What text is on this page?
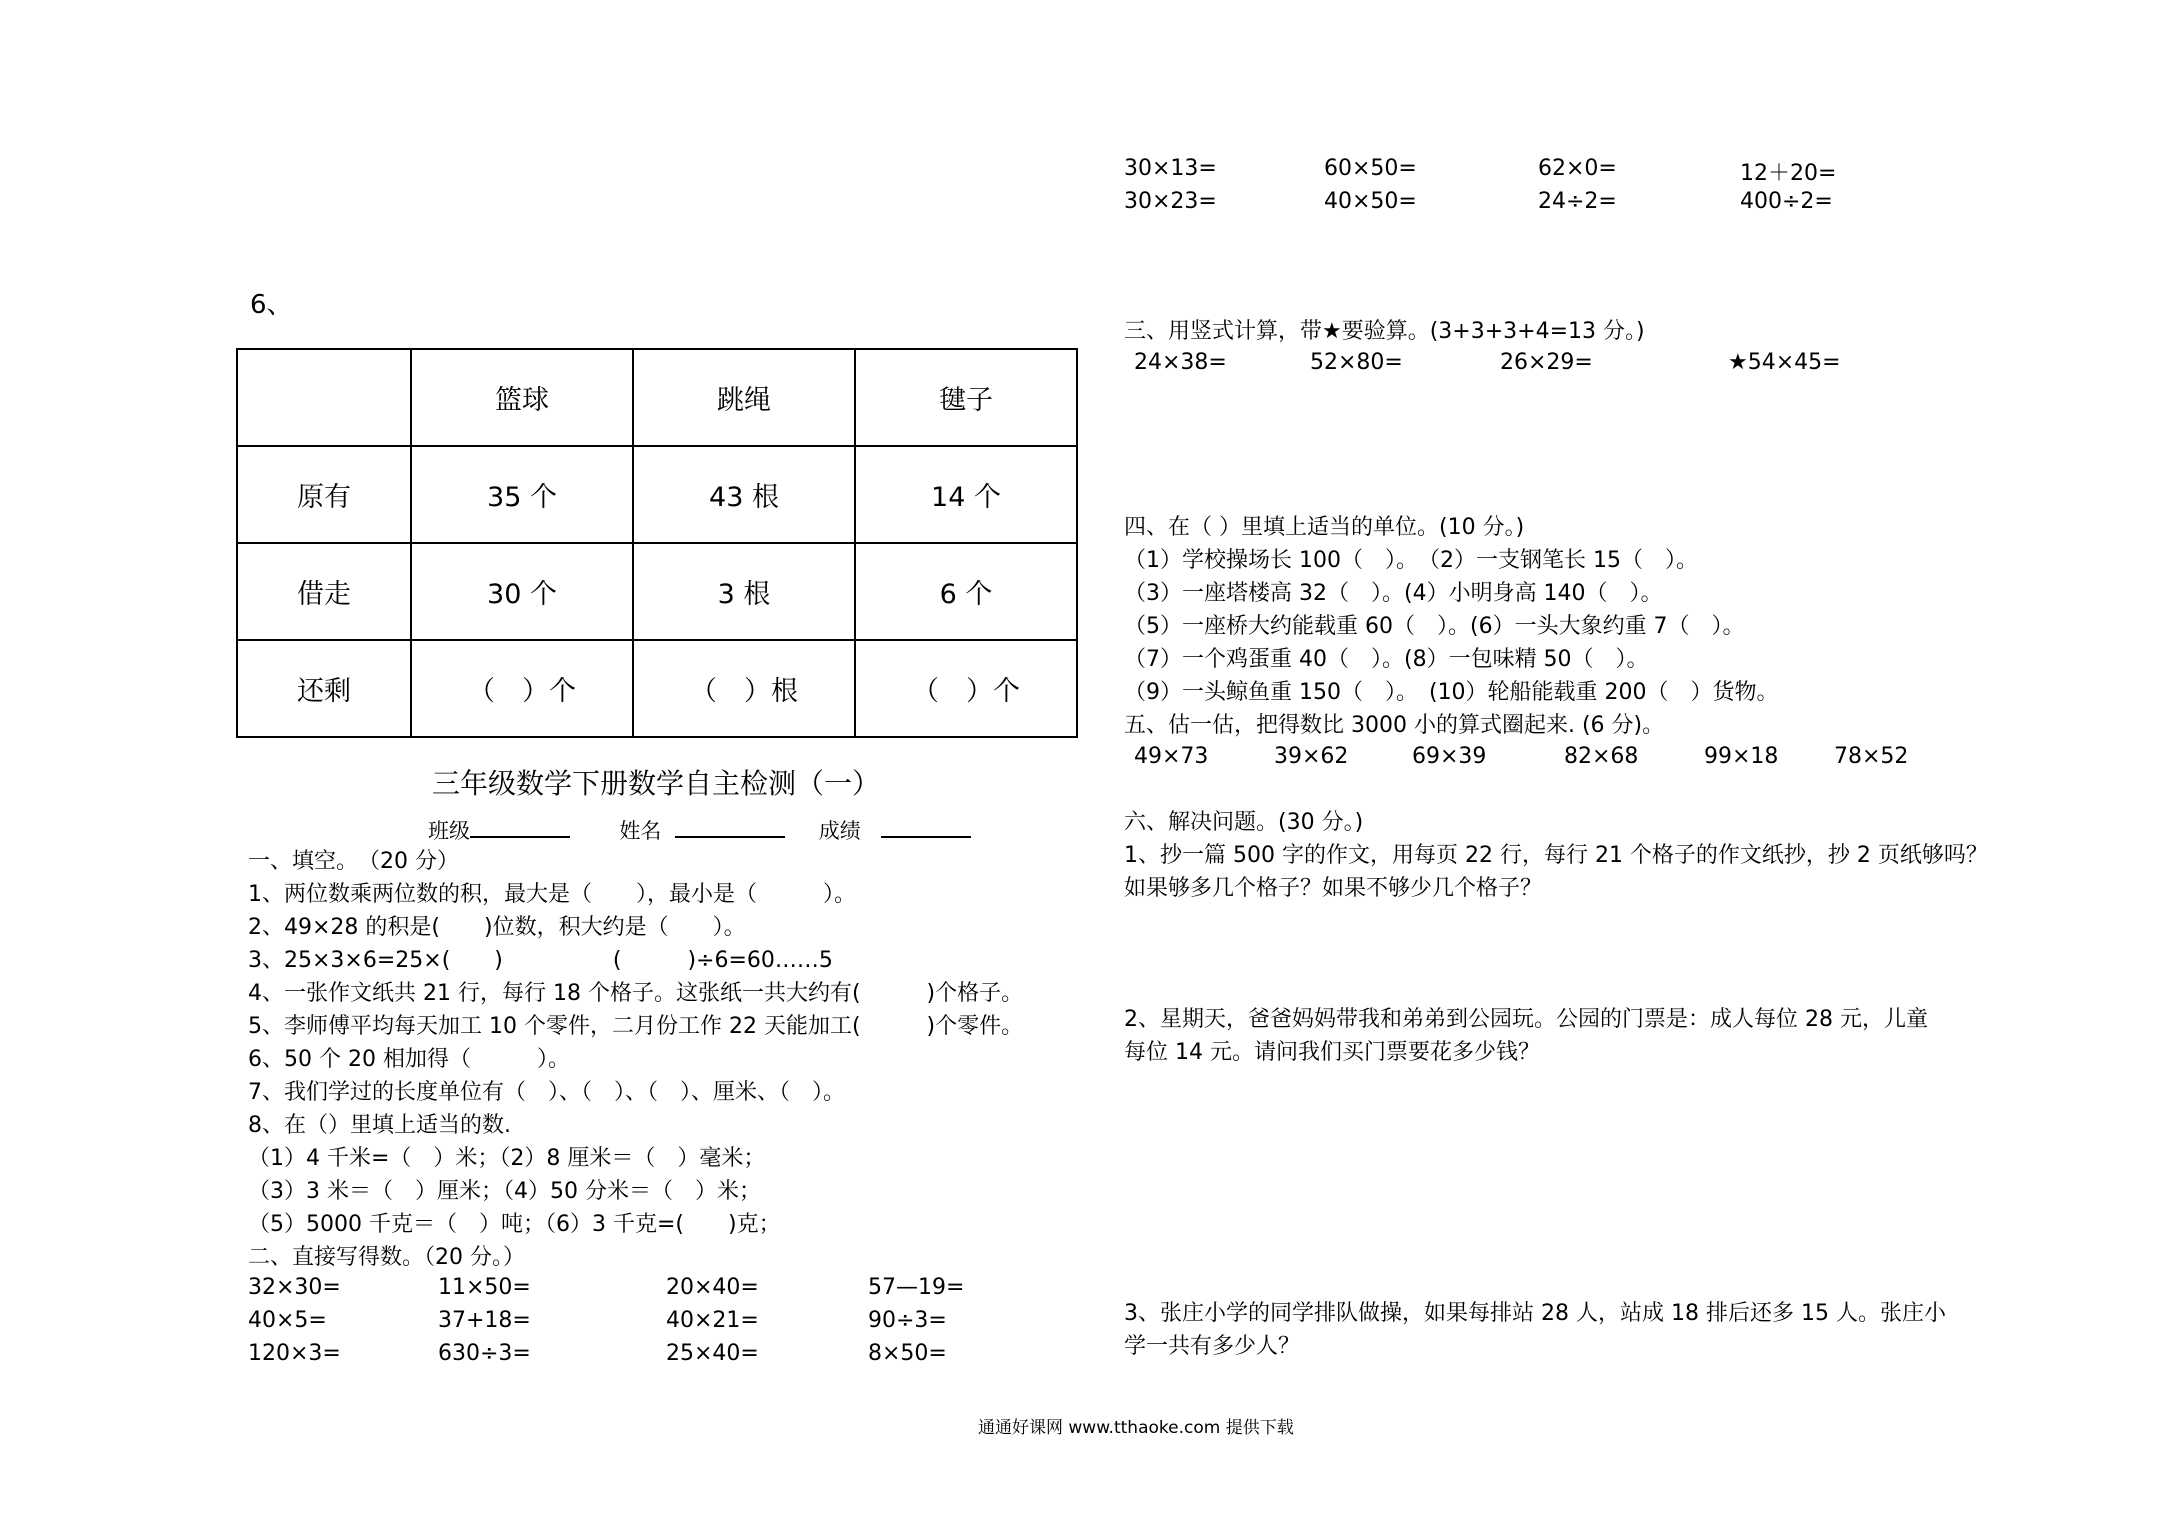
6、
	篮球	跳绳	毽子
原有	35 个	43 根	14 个
借走	30 个	3 根	6 个
还剩	（　）个	（　）根	（　）个
三年级数学下册数学自主检测（一）
班级	姓名	成绩
一、填空。　（20 分）
1、两位数乘两位数的积，最大是（　　），最小是（　　　）。
2、49×28 的积是(　　)位数，积大约是（　　）。
3、25×3×6=25×(　　)　　　　　(　　　)÷6=60……5
4、一张作文纸共 21 行，每行 18 个格子。这张纸一共大约有(　　　)个格子。
5、李师傅平均每天加工 10 个零件，二月份工作 22 天能加工(　　　)个零件。
6、50 个 20 相加得（　　　）。
7、我们学过的长度单位有（　）、（　）、（　）、厘米、（　）。
8、在（）里填上适当的数.
（1）4 千米=（　）米；（2）8 厘米＝（　）毫米；
（3）3 米＝（　）厘米；（4）50 分米＝（　）米；
（5）5000 千克＝（　）吨；（6）3 千克=(　　)克；
二、直接写得数。（20 分。）
32×30=	11×50=	20×40=	57—19=
40×5=	37+18=	40×21=	90÷3=
120×3=	630÷3=	25×40=	8×50=
30×13=	60×50=	62×0=	12＋20=
30×23=	40×50=	24÷2=	400÷2=
三、用竖式计算，带★要验算。(3+3+3+4=13 分。)
24×38=	52×80=	26×29=	★54×45=
四、在（ ）里填上适当的单位。(10 分。)
（1）学校操场长 100（　）。　（2）一支钢笔长 15（　）。
（3）一座塔楼高 32（　）。(4）小明身高 140（　）。
（5）一座桥大约能载重 60（　）。(6）一头大象约重 7（　）。
（7）一个鸡蛋重 40（　）。(8）一包味精 50（　）。
（9）一头鲸鱼重 150（　）。　(10）轮船能载重 200（　）货物。
五、估一估，把得数比 3000 小的算式圈起来. (6 分)。
49×73	39×62	69×39	82×68	99×18	78×52
六、解决问题。(30 分。)
1、抄一篇 500 字的作文，用每页 22 行，每行 21 个格子的作文纸抄，抄 2 页纸够吗？
如果够多几个格子？如果不够少几个格子？
2、星期天，爸爸妈妈带我和弟弟到公园玩。公园的门票是：成人每位 28 元，儿童
每位 14 元。请问我们买门票要花多少钱？
3、张庄小学的同学排队做操，如果每排站 28 人，站成 18 排后还多 15 人。张庄小
学一共有多少人？
通通好课网 www.tthaoke.com 提供下载
